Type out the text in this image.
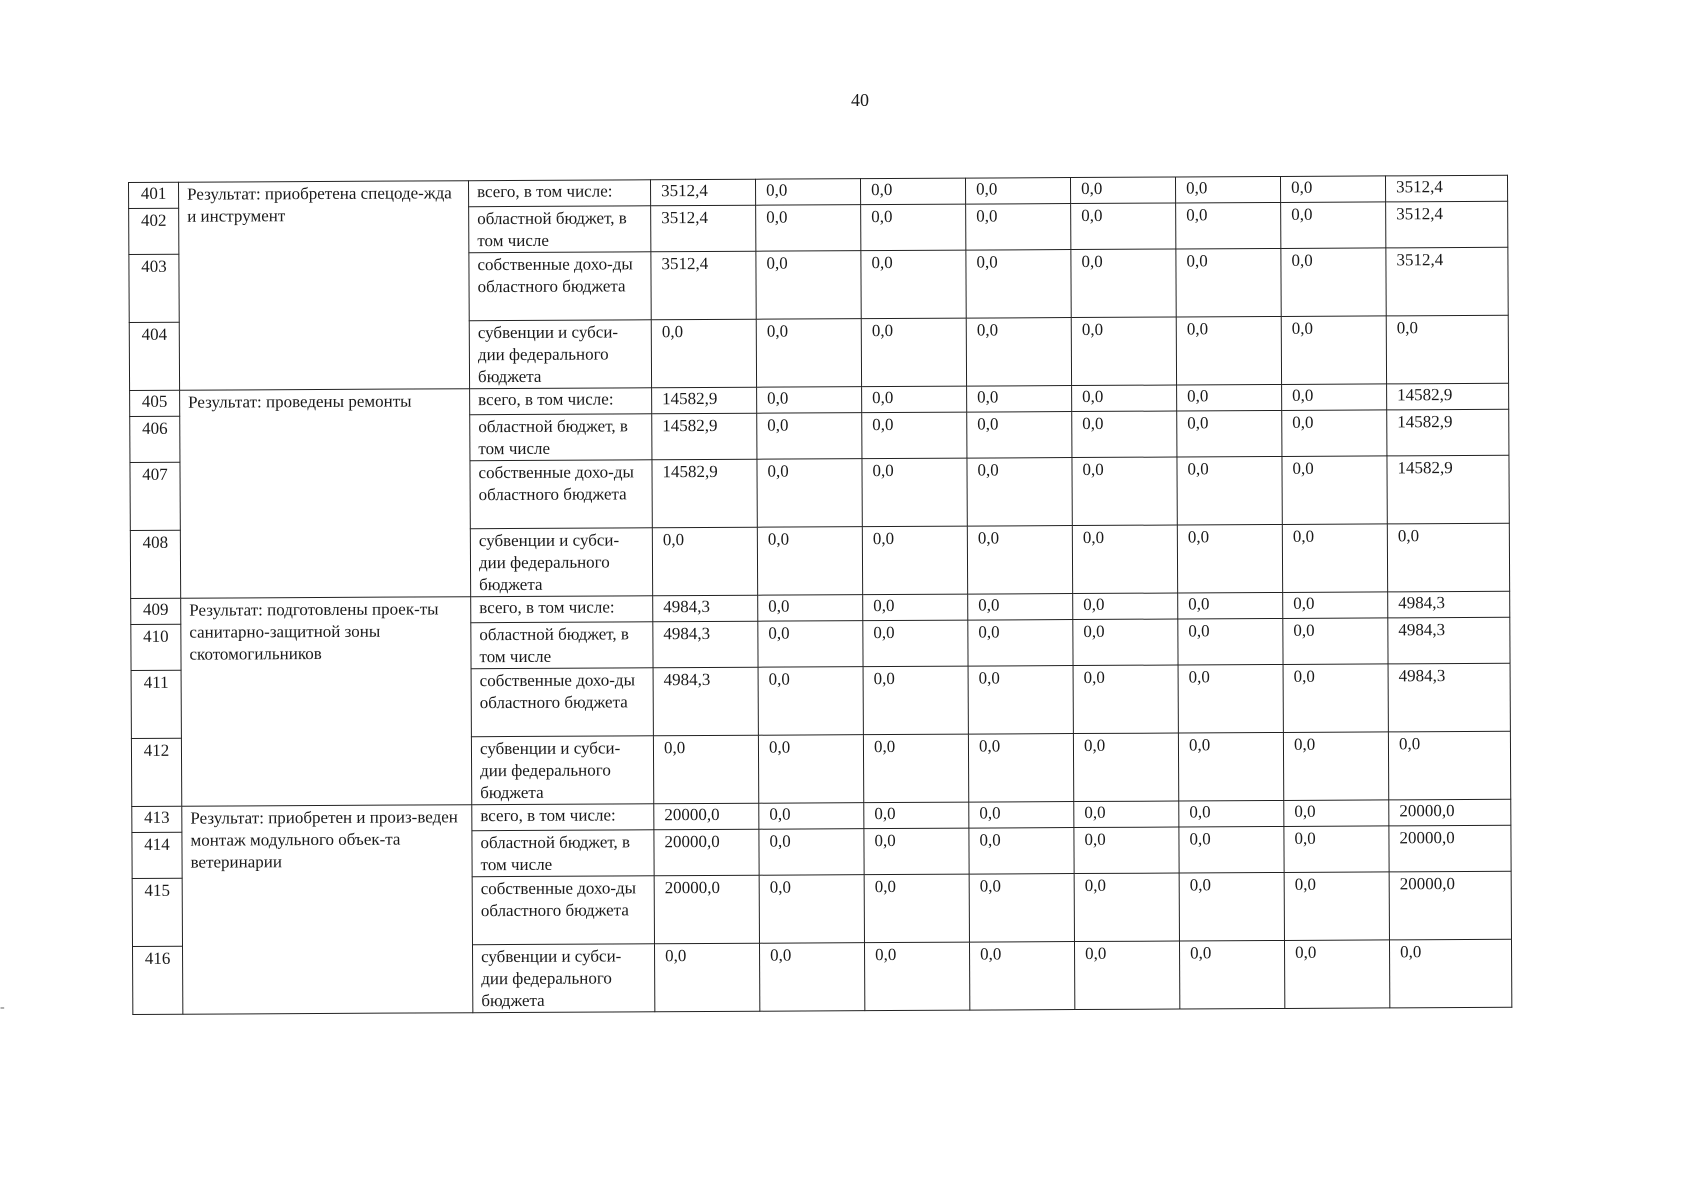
40
401	Результат: приобретена спецоде-жда и инструмент	всего, в том числе:	3512,4	0,0	0,0	0,0	0,0	0,0	0,0	3512,4
402		областной бюджет, в том числе	3512,4	0,0	0,0	0,0	0,0	0,0	0,0	3512,4
403		собственные дохо-ды областного бюджета	3512,4	0,0	0,0	0,0	0,0	0,0	0,0	3512,4
404		субвенции и субси-дии федерального бюджета	0,0	0,0	0,0	0,0	0,0	0,0	0,0	0,0
405	Результат: проведены ремонты	всего, в том числе:	14582,9	0,0	0,0	0,0	0,0	0,0	0,0	14582,9
406		областной бюджет, в том числе	14582,9	0,0	0,0	0,0	0,0	0,0	0,0	14582,9
407		собственные дохо-ды областного бюджета	14582,9	0,0	0,0	0,0	0,0	0,0	0,0	14582,9
408		субвенции и субси-дии федерального бюджета	0,0	0,0	0,0	0,0	0,0	0,0	0,0	0,0
409	Результат: подготовлены проек-ты санитарно-защитной зоны скотомогильников	всего, в том числе:	4984,3	0,0	0,0	0,0	0,0	0,0	0,0	4984,3
410		областной бюджет, в том числе	4984,3	0,0	0,0	0,0	0,0	0,0	0,0	4984,3
411		собственные дохо-ды областного бюджета	4984,3	0,0	0,0	0,0	0,0	0,0	0,0	4984,3
412		субвенции и субси-дии федерального бюджета	0,0	0,0	0,0	0,0	0,0	0,0	0,0	0,0
413	Результат: приобретен и произ-веден монтаж модульного объек-та ветеринарии	всего, в том числе:	20000,0	0,0	0,0	0,0	0,0	0,0	0,0	20000,0
414		областной бюджет, в том числе	20000,0	0,0	0,0	0,0	0,0	0,0	0,0	20000,0
415		собственные дохо-ды областного бюджета	20000,0	0,0	0,0	0,0	0,0	0,0	0,0	20000,0
416		субвенции и субси-дии федерального бюджета	0,0	0,0	0,0	0,0	0,0	0,0	0,0	0,0
-
